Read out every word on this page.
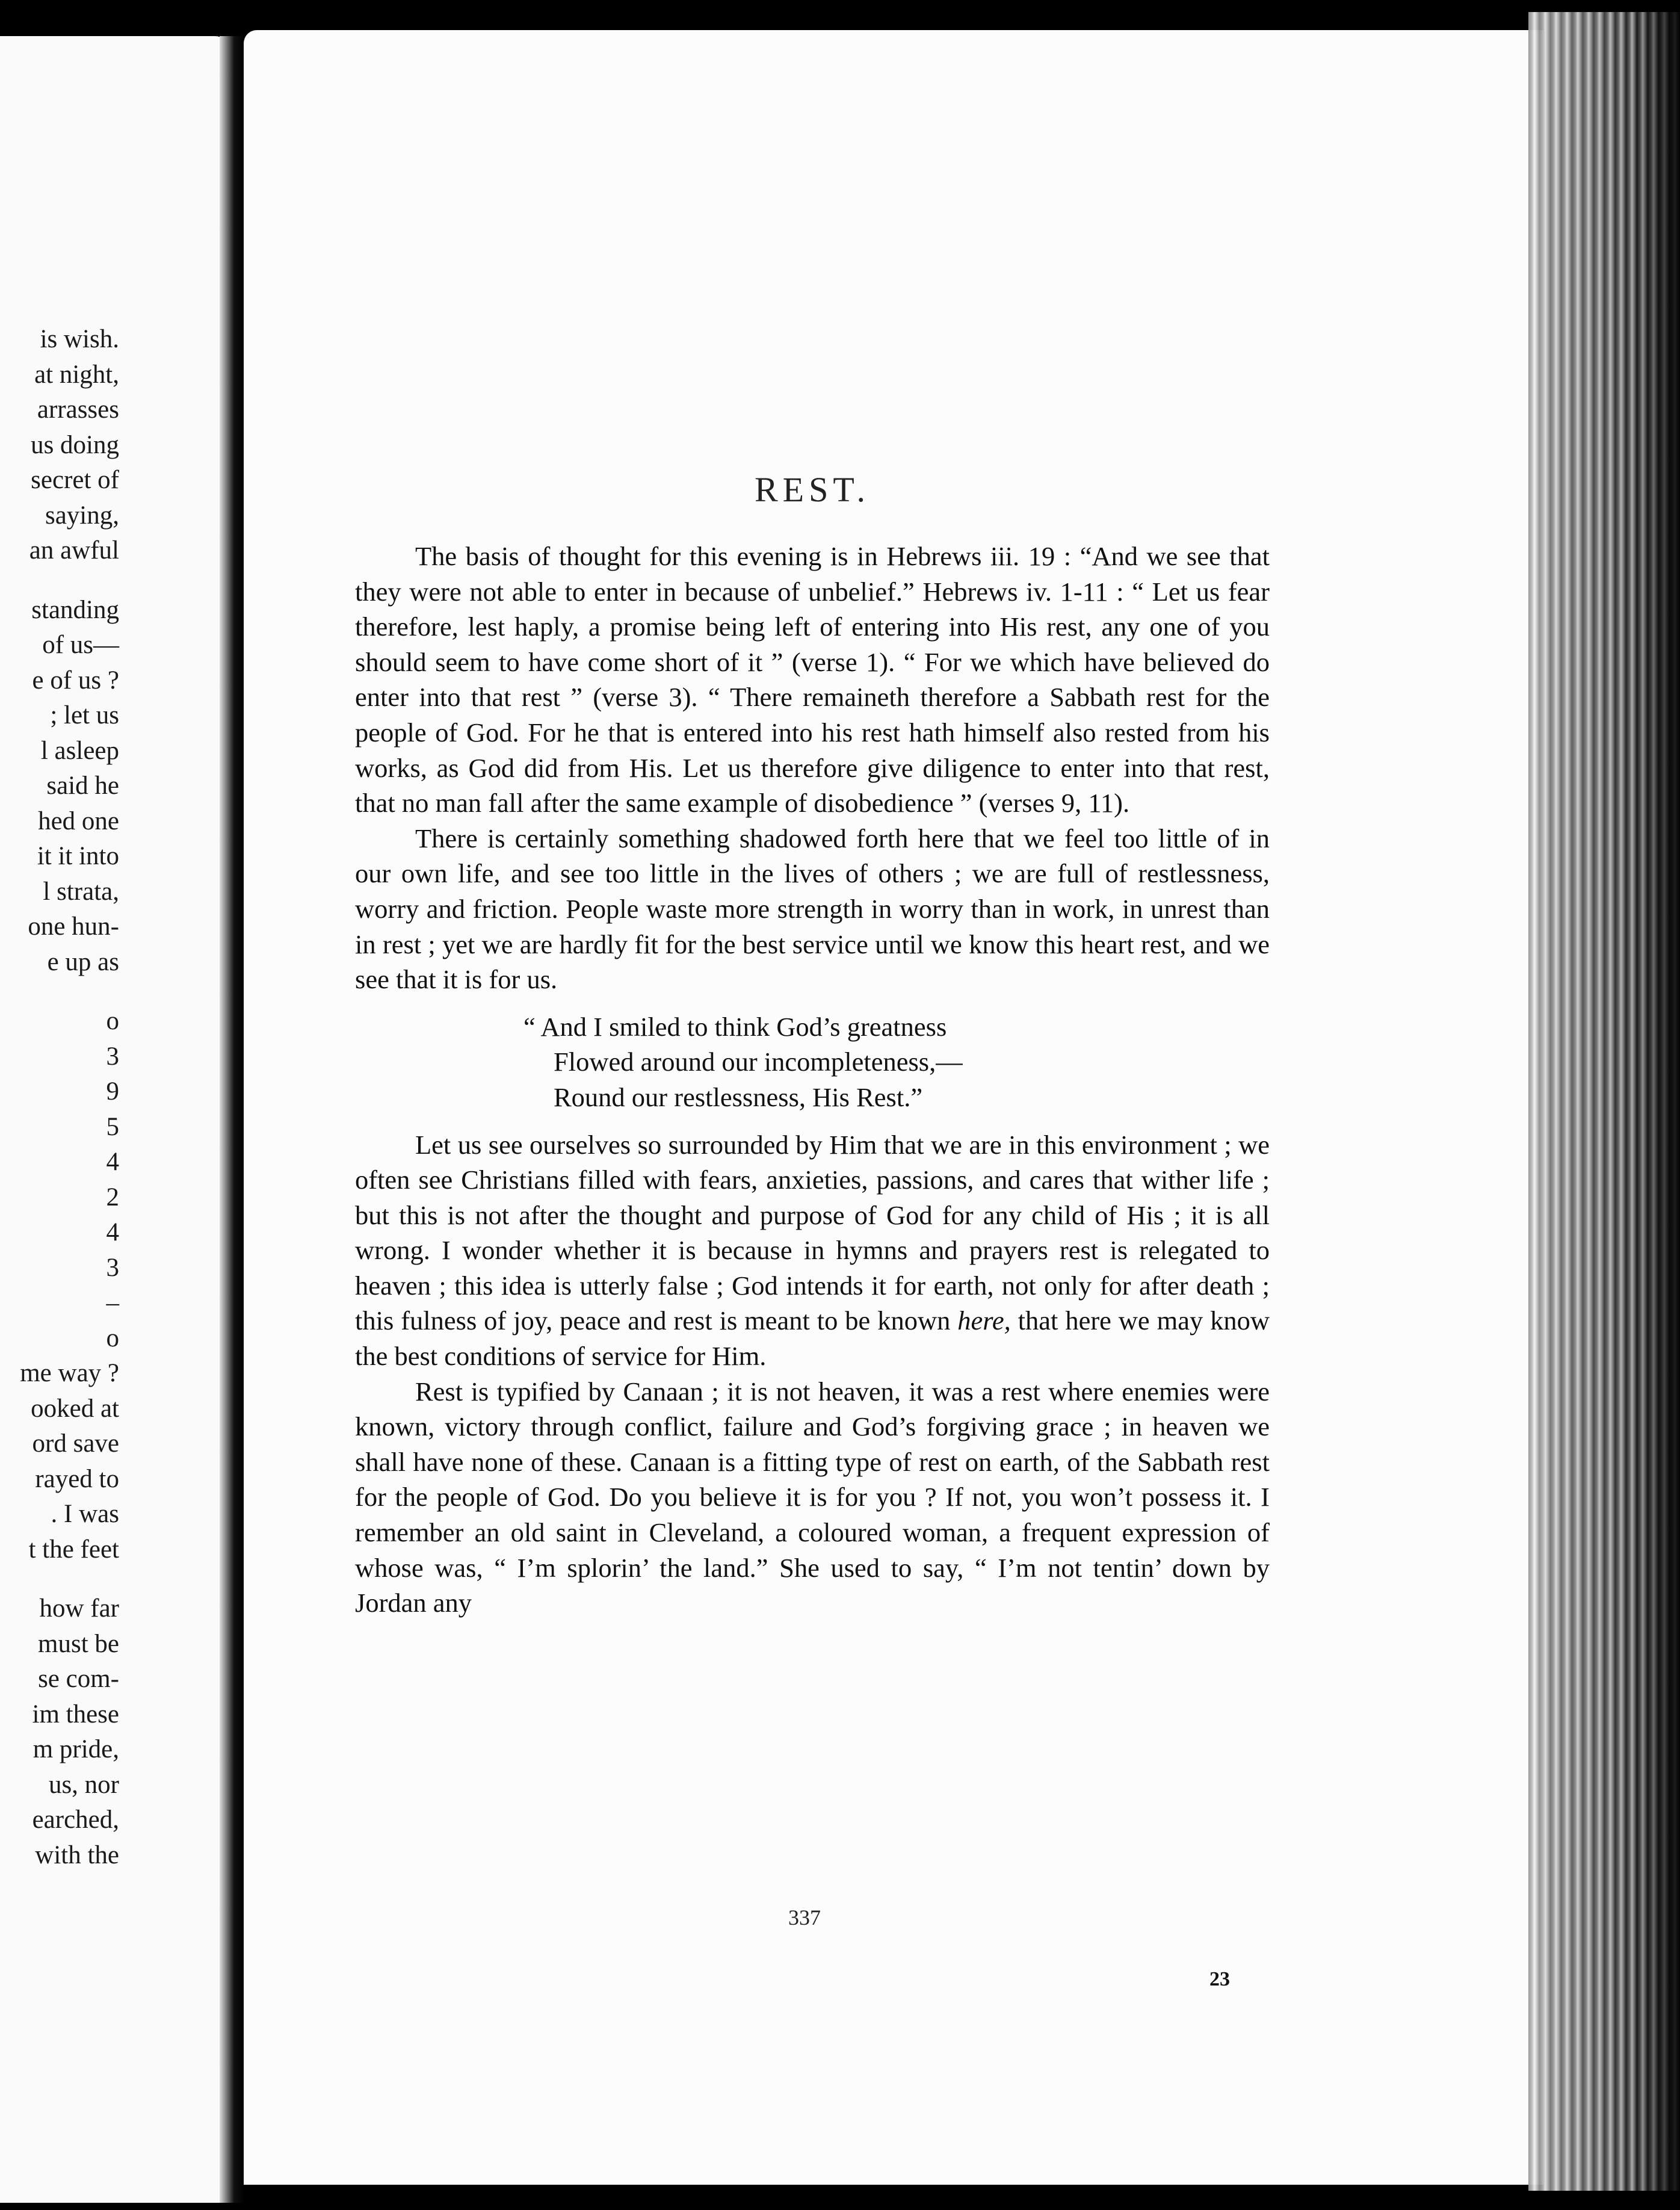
is wish.
at night,
arrasses
us doing
secret of
saying,
an awful
standing
of us—
e of us ?
; let us
l asleep
said he
hed one
it it into
l strata,
one hun-
e up as
o
3
9
5
4
2
4
3
–
o
me way ?
ooked at
ord save
rayed to
. I was
t the feet
how far
must be
se com-
im these
m pride,
us, nor
earched,
with the
REST.

The basis of thought for this evening is in Hebrews iii. 19 : “And we see that they were not able to enter in because of unbelief.” Hebrews iv. 1-11 : “ Let us fear therefore, lest haply, a promise being left of entering into His rest, any one of you should seem to have come short of it ” (verse 1). “ For we which have believed do enter into that rest ” (verse 3). “ There remaineth therefore a Sabbath rest for the people of God. For he that is entered into his rest hath himself also rested from his works, as God did from His. Let us therefore give diligence to enter into that rest, that no man fall after the same example of disobedience ” (verses 9, 11).

There is certainly something shadowed forth here that we feel too little of in our own life, and see too little in the lives of others ; we are full of restlessness, worry and friction. People waste more strength in worry than in work, in unrest than in rest ; yet we are hardly fit for the best service until we know this heart rest, and we see that it is for us.

“ And I smiled to think God’s greatness
Flowed around our incompleteness,—
Round our restlessness, His Rest.”

Let us see ourselves so surrounded by Him that we are in this environment ; we often see Christians filled with fears, anxieties, passions, and cares that wither life ; but this is not after the thought and purpose of God for any child of His ; it is all wrong. I wonder whether it is because in hymns and prayers rest is relegated to heaven ; this idea is utterly false ; God intends it for earth, not only for after death ; this fulness of joy, peace and rest is meant to be known here, that here we may know the best conditions of service for Him.

Rest is typified by Canaan ; it is not heaven, it was a rest where enemies were known, victory through conflict, failure and God’s forgiving grace ; in heaven we shall have none of these. Canaan is a fitting type of rest on earth, of the Sabbath rest for the people of God. Do you believe it is for you ? If not, you won’t possess it. I remember an old saint in Cleveland, a coloured woman, a frequent expression of whose was, “ I’m splorin’ the land.” She used to say, “ I’m not tentin’ down by Jordan any

337
23
